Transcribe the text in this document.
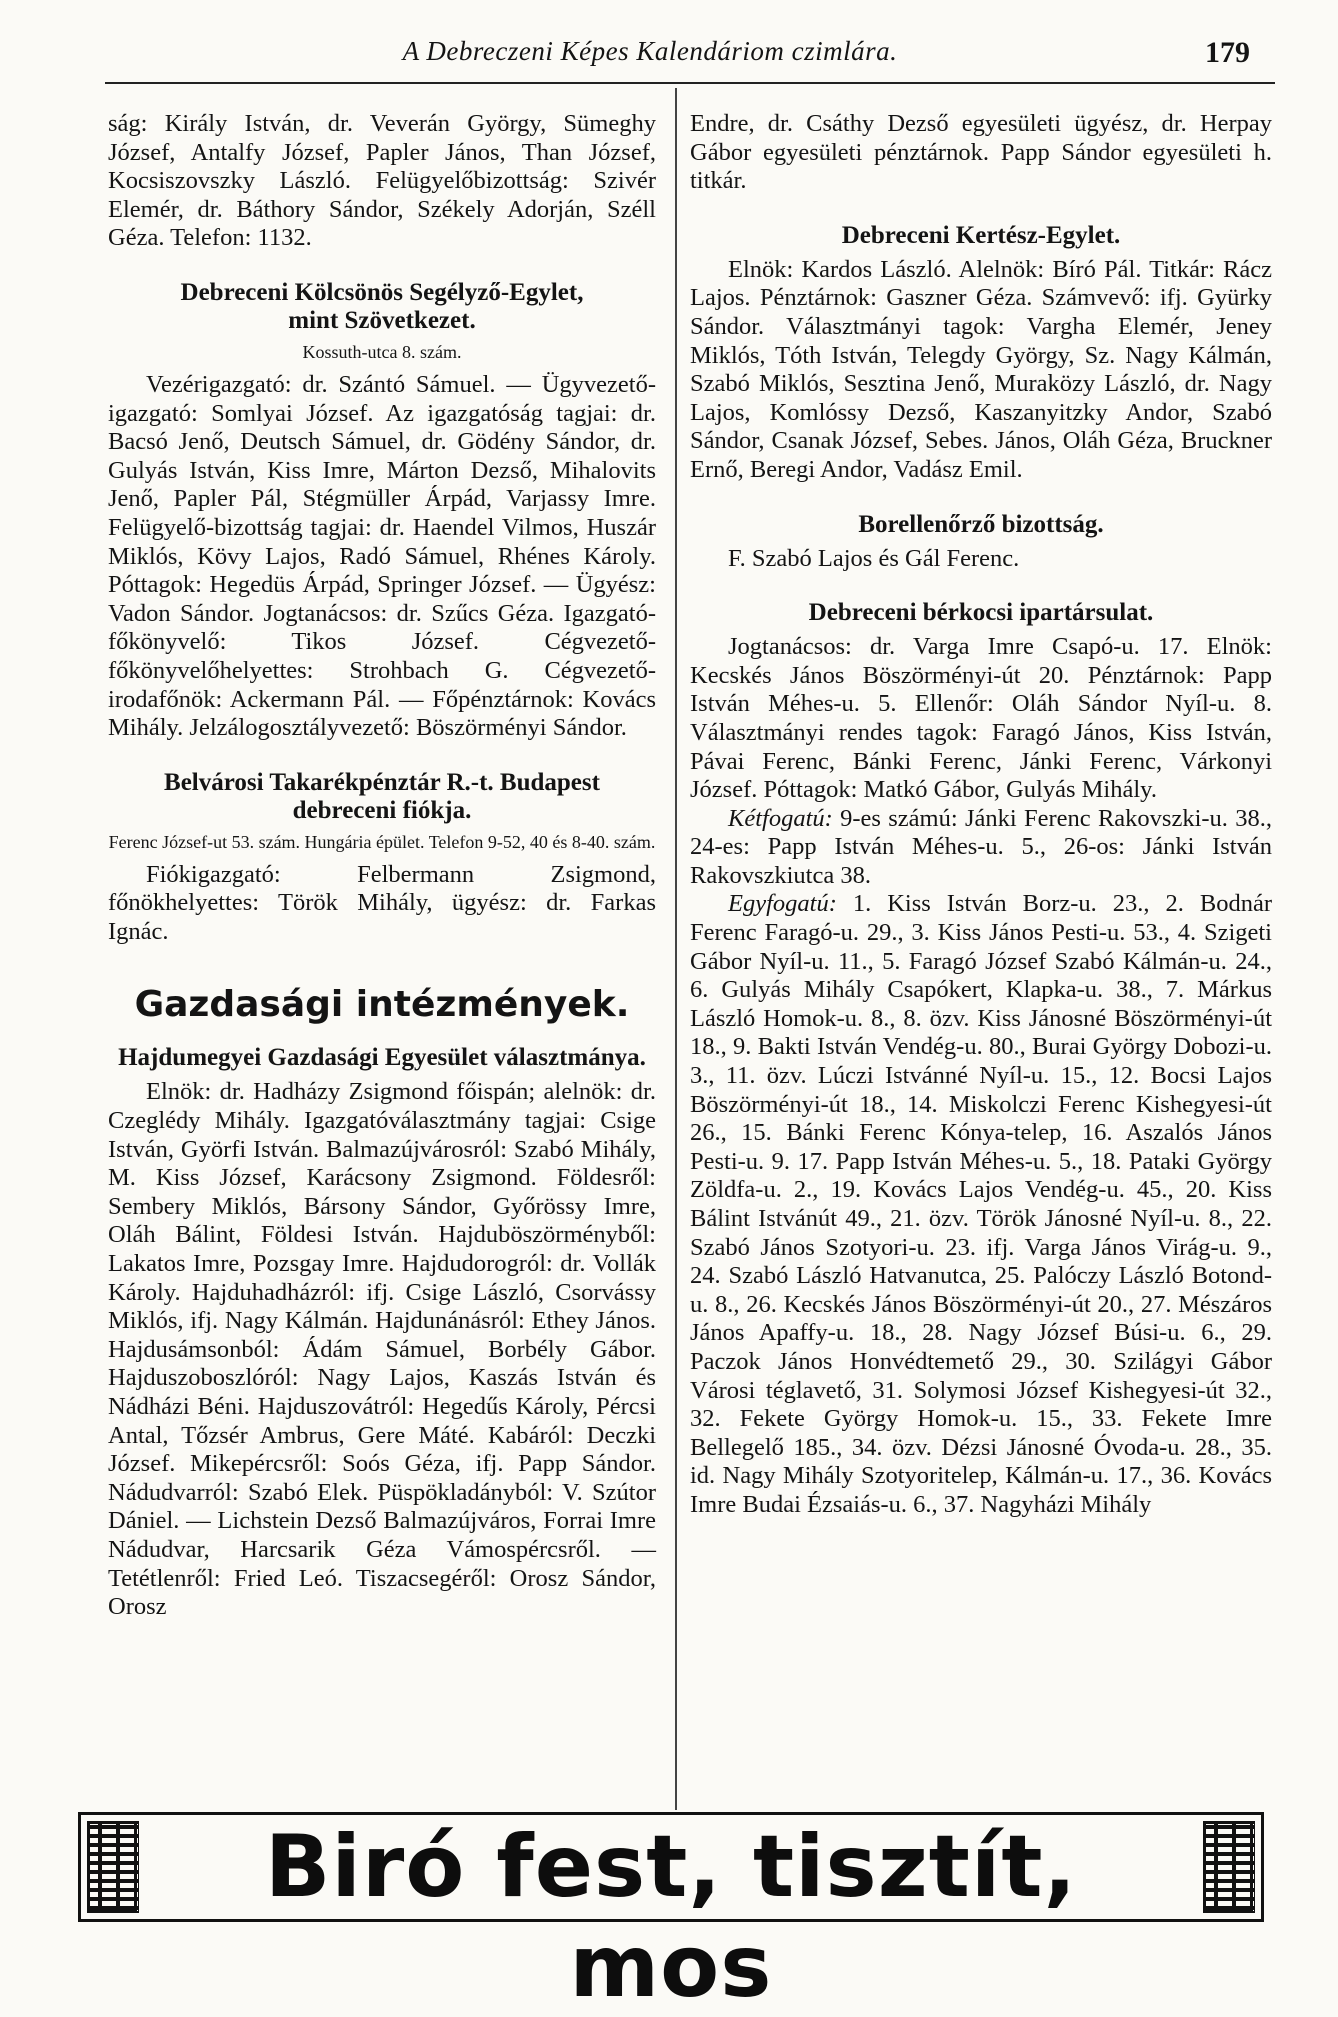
A Debreczeni Képes Kalendáriom czimlára.	179

ság: Király István, dr. Veverán György, Sümeghy József, Antalfy József, Papler János, Than József, Kocsiszovszky László. Felügyelőbizottság: Szivér Elemér, dr. Báthory Sándor, Székely Adorján, Széll Géza. Telefon: 1132.

Debreceni Kölcsönös Segélyző-Egylet,
mint Szövetkezet.
Kossuth-utca 8. szám.

Vezérigazgató: dr. Szántó Sámuel. — Ügyvezető-igazgató: Somlyai József. Az igazgatóság tagjai: dr. Bacsó Jenő, Deutsch Sámuel, dr. Gödény Sándor, dr. Gulyás István, Kiss Imre, Márton Dezső, Mihalovits Jenő, Papler Pál, Stégmüller Árpád, Varjassy Imre. Felügyelő-bizottság tagjai: dr. Haendel Vilmos, Huszár Miklós, Kövy Lajos, Radó Sámuel, Rhénes Károly. Póttagok: Hegedüs Árpád, Springer József. — Ügyész: Vadon Sándor. Jogtanácsos: dr. Szűcs Géza. Igazgató-főkönyvelő: Tikos József. Cégvezető-főkönyvelőhelyettes: Strohbach G. Cégvezető-irodafőnök: Ackermann Pál. — Főpénztárnok: Kovács Mihály. Jelzálogosztályvezető: Böszörményi Sándor.

Belvárosi Takarékpénztár R.-t. Budapest
debreceni fiókja.
Ferenc József-ut 53. szám. Hungária épület. Telefon 9-52, 40 és 8-40. szám.

Fiókigazgató: Felbermann Zsigmond, főnökhelyettes: Török Mihály, ügyész: dr. Farkas Ignác.

Gazdasági intézmények.
Hajdumegyei Gazdasági Egyesület választmánya.

Elnök: dr. Hadházy Zsigmond főispán; alelnök: dr. Czeglédy Mihály. Igazgatóválasztmány tagjai: Csige István, Györfi István. Balmazújvárosról: Szabó Mihály, M. Kiss József, Karácsony Zsigmond. Földesről: Sembery Miklós, Bársony Sándor, Győrössy Imre, Oláh Bálint, Földesi István. Hajduböszörményből: Lakatos Imre, Pozsgay Imre. Hajdudorogról: dr. Vollák Károly. Hajduhadházról: ifj. Csige László, Csorvássy Miklós, ifj. Nagy Kálmán. Hajdunánásról: Ethey János. Hajdusámsonból: Ádám Sámuel, Borbély Gábor. Hajduszoboszlóról: Nagy Lajos, Kaszás István és Nádházi Béni. Hajduszovátról: Hegedűs Károly, Pércsi Antal, Tőzsér Ambrus, Gere Máté. Kabáról: Deczki József. Mikepércsről: Soós Géza, ifj. Papp Sándor. Nádudvarról: Szabó Elek. Püspökladányból: V. Szútor Dániel. — Lichstein Dezső Balmazújváros, Forrai Imre Nádudvar, Harcsarik Géza Vámospércsről. — Tetétlenről: Fried Leó. Tiszacsegéről: Orosz Sándor, Orosz

Endre, dr. Csáthy Dezső egyesületi ügyész, dr. Herpay Gábor egyesületi pénztárnok. Papp Sándor egyesületi h. titkár.

Debreceni Kertész-Egylet.

Elnök: Kardos László. Alelnök: Bíró Pál. Titkár: Rácz Lajos. Pénztárnok: Gaszner Géza. Számvevő: ifj. Gyürky Sándor. Választmányi tagok: Vargha Elemér, Jeney Miklós, Tóth István, Telegdy György, Sz. Nagy Kálmán, Szabó Miklós, Sesztina Jenő, Muraközy László, dr. Nagy Lajos, Komlóssy Dezső, Kaszanyitzky Andor, Szabó Sándor, Csanak József, Sebes. János, Oláh Géza, Bruckner Ernő, Beregi Andor, Vadász Emil.

Borellenőrző bizottság.

F. Szabó Lajos és Gál Ferenc.

Debreceni bérkocsi ipartársulat.

Jogtanácsos: dr. Varga Imre Csapó-u. 17. Elnök: Kecskés János Böszörményi-út 20. Pénztárnok: Papp István Méhes-u. 5. Ellenőr: Oláh Sándor Nyíl-u. 8. Választmányi rendes tagok: Faragó János, Kiss István, Pávai Ferenc, Bánki Ferenc, Jánki Ferenc, Várkonyi József. Póttagok: Matkó Gábor, Gulyás Mihály.

Kétfogatú: 9-es számú: Jánki Ferenc Rakovszki-u. 38., 24-es: Papp István Méhes-u. 5., 26-os: Jánki István Rakovszkiutca 38.

Egyfogatú: 1. Kiss István Borz-u. 23., 2. Bodnár Ferenc Faragó-u. 29., 3. Kiss János Pesti-u. 53., 4. Szigeti Gábor Nyíl-u. 11., 5. Faragó József Szabó Kálmán-u. 24., 6. Gulyás Mihály Csapókert, Klapka-u. 38., 7. Márkus László Homok-u. 8., 8. özv. Kiss Jánosné Böszörményi-út 18., 9. Bakti István Vendég-u. 80., Burai György Dobozi-u. 3., 11. özv. Lúczi Istvánné Nyíl-u. 15., 12. Bocsi Lajos Böszörményi-út 18., 14. Miskolczi Ferenc Kishegyesi-út 26., 15. Bánki Ferenc Kónya-telep, 16. Aszalós János Pesti-u. 9. 17. Papp István Méhes-u. 5., 18. Pataki György Zöldfa-u. 2., 19. Kovács Lajos Vendég-u. 45., 20. Kiss Bálint Istvánút 49., 21. özv. Török Jánosné Nyíl-u. 8., 22. Szabó János Szotyori-u. 23. ifj. Varga János Virág-u. 9., 24. Szabó László Hatvanutca, 25. Palóczy László Botond-u. 8., 26. Kecskés János Böszörményi-út 20., 27. Mészáros János Apaffy-u. 18., 28. Nagy József Búsi-u. 6., 29. Paczok János Honvédtemető 29., 30. Szilágyi Gábor Városi téglavető, 31. Solymosi József Kishegyesi-út 32., 32. Fekete György Homok-u. 15., 33. Fekete Imre Bellegelő 185., 34. özv. Dézsi Jánosné Óvoda-u. 28., 35. id. Nagy Mihály Szotyoritelep, Kálmán-u. 17., 36. Kovács Imre Budai Ézsaiás-u. 6., 37. Nagyházi Mihály

Biró fest, tisztít, mos
